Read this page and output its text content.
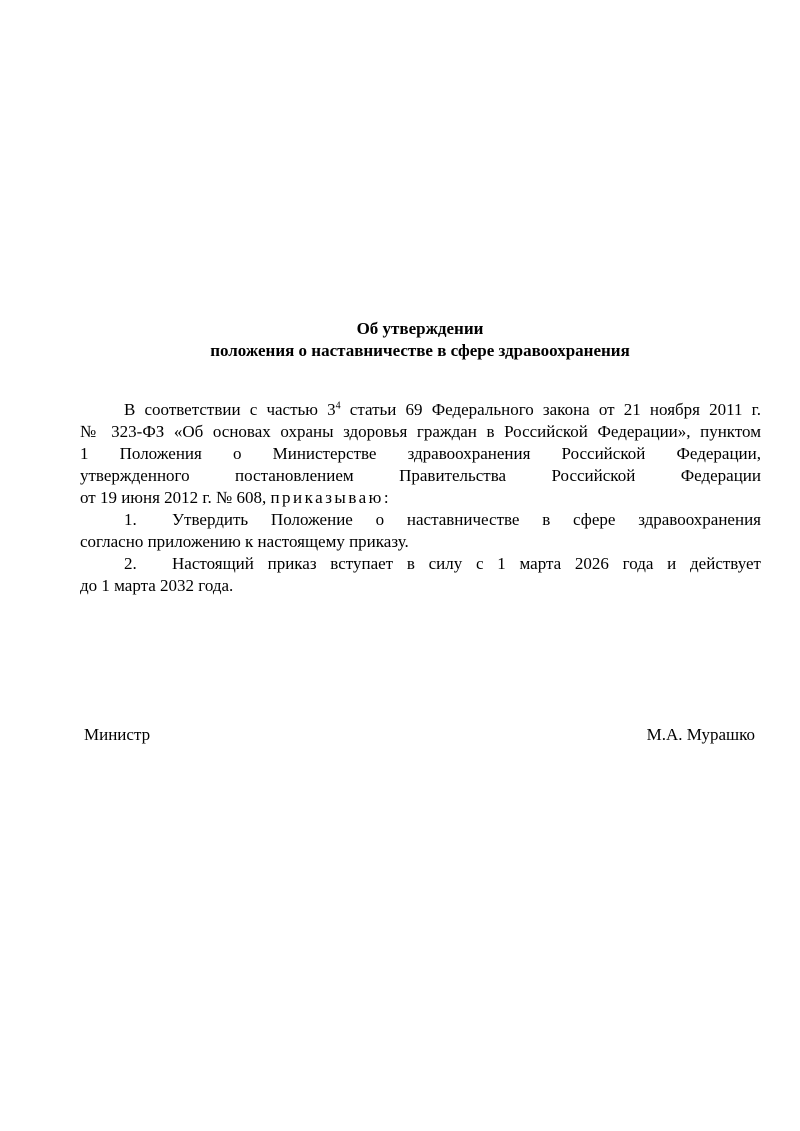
Об утверждении
положения о наставничестве в сфере здравоохранения
В соответствии с частью $3^4$ статьи 69 Федерального закона от 21 ноября 2011 г.
№ 323-ФЗ «Об основах охраны здоровья граждан в Российской Федерации», пунктом
1 Положения о Министерстве здравоохранения Российской Федерации,
утвержденного постановлением Правительства Российской Федерации
от 19 июня 2012 г. № 608, приказываю:
1. Утвердить Положение о наставничестве в сфере здравоохранения
согласно приложению к настоящему приказу.
2. Настоящий приказ вступает в силу с 1 марта 2026 года и действует
до 1 марта 2032 года.
Министр	М.А. Мурашко
